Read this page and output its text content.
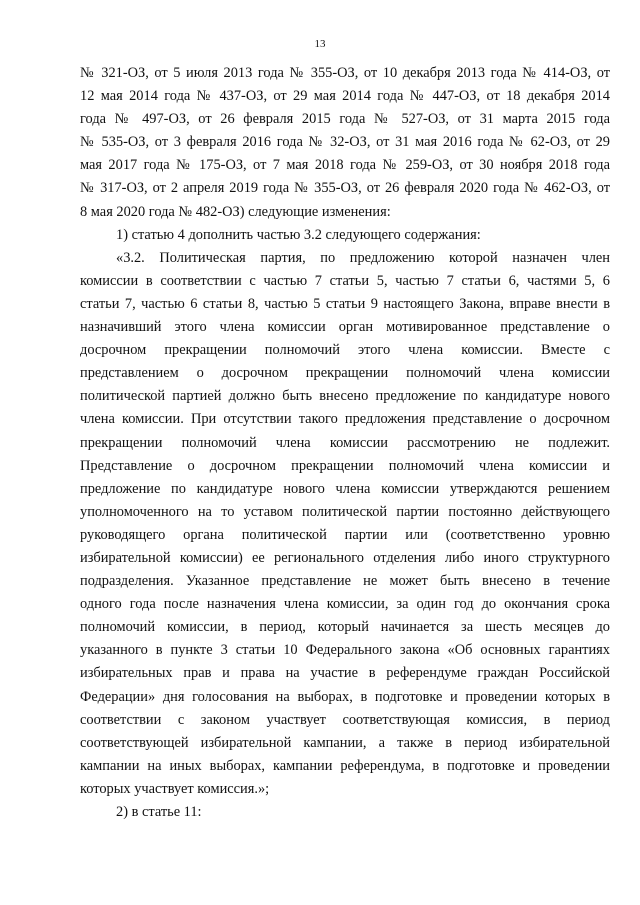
13
№ 321-ОЗ, от 5 июля 2013 года № 355-ОЗ, от 10 декабря 2013 года № 414-ОЗ, от
12 мая 2014 года № 437-ОЗ, от 29 мая 2014 года № 447-ОЗ, от 18 декабря 2014
года № 497-ОЗ, от 26 февраля 2015 года № 527-ОЗ, от 31 марта 2015 года
№ 535-ОЗ, от 3 февраля 2016 года № 32-ОЗ, от 31 мая 2016 года № 62-ОЗ, от 29
мая 2017 года № 175-ОЗ, от 7 мая 2018 года № 259-ОЗ, от 30 ноября 2018 года
№ 317-ОЗ, от 2 апреля 2019 года № 355-ОЗ, от 26 февраля 2020 года № 462-ОЗ, от
8 мая 2020 года № 482-ОЗ) следующие изменения:
1) статью 4 дополнить частью 3.2 следующего содержания:
«3.2. Политическая партия, по предложению которой назначен член
комиссии в соответствии с частью 7 статьи 5, частью 7 статьи 6, частями 5, 6
статьи 7, частью 6 статьи 8, частью 5 статьи 9 настоящего Закона, вправе внести в
назначивший этого члена комиссии орган мотивированное представление о
досрочном прекращении полномочий этого члена комиссии. Вместе с
представлением о досрочном прекращении полномочий члена комиссии
политической партией должно быть внесено предложение по кандидатуре нового
члена комиссии. При отсутствии такого предложения представление о досрочном
прекращении полномочий члена комиссии рассмотрению не подлежит.
Представление о досрочном прекращении полномочий члена комиссии и
предложение по кандидатуре нового члена комиссии утверждаются решением
уполномоченного на то уставом политической партии постоянно действующего
руководящего органа политической партии или (соответственно уровню
избирательной комиссии) ее регионального отделения либо иного структурного
подразделения. Указанное представление не может быть внесено в течение
одного года после назначения члена комиссии, за один год до окончания срока
полномочий комиссии, в период, который начинается за шесть месяцев до
указанного в пункте 3 статьи 10 Федерального закона «Об основных гарантиях
избирательных прав и права на участие в референдуме граждан Российской
Федерации» дня голосования на выборах, в подготовке и проведении которых в
соответствии с законом участвует соответствующая комиссия, в период
соответствующей избирательной кампании, а также в период избирательной
кампании на иных выборах, кампании референдума, в подготовке и проведении
которых участвует комиссия.»;
2) в статье 11:
